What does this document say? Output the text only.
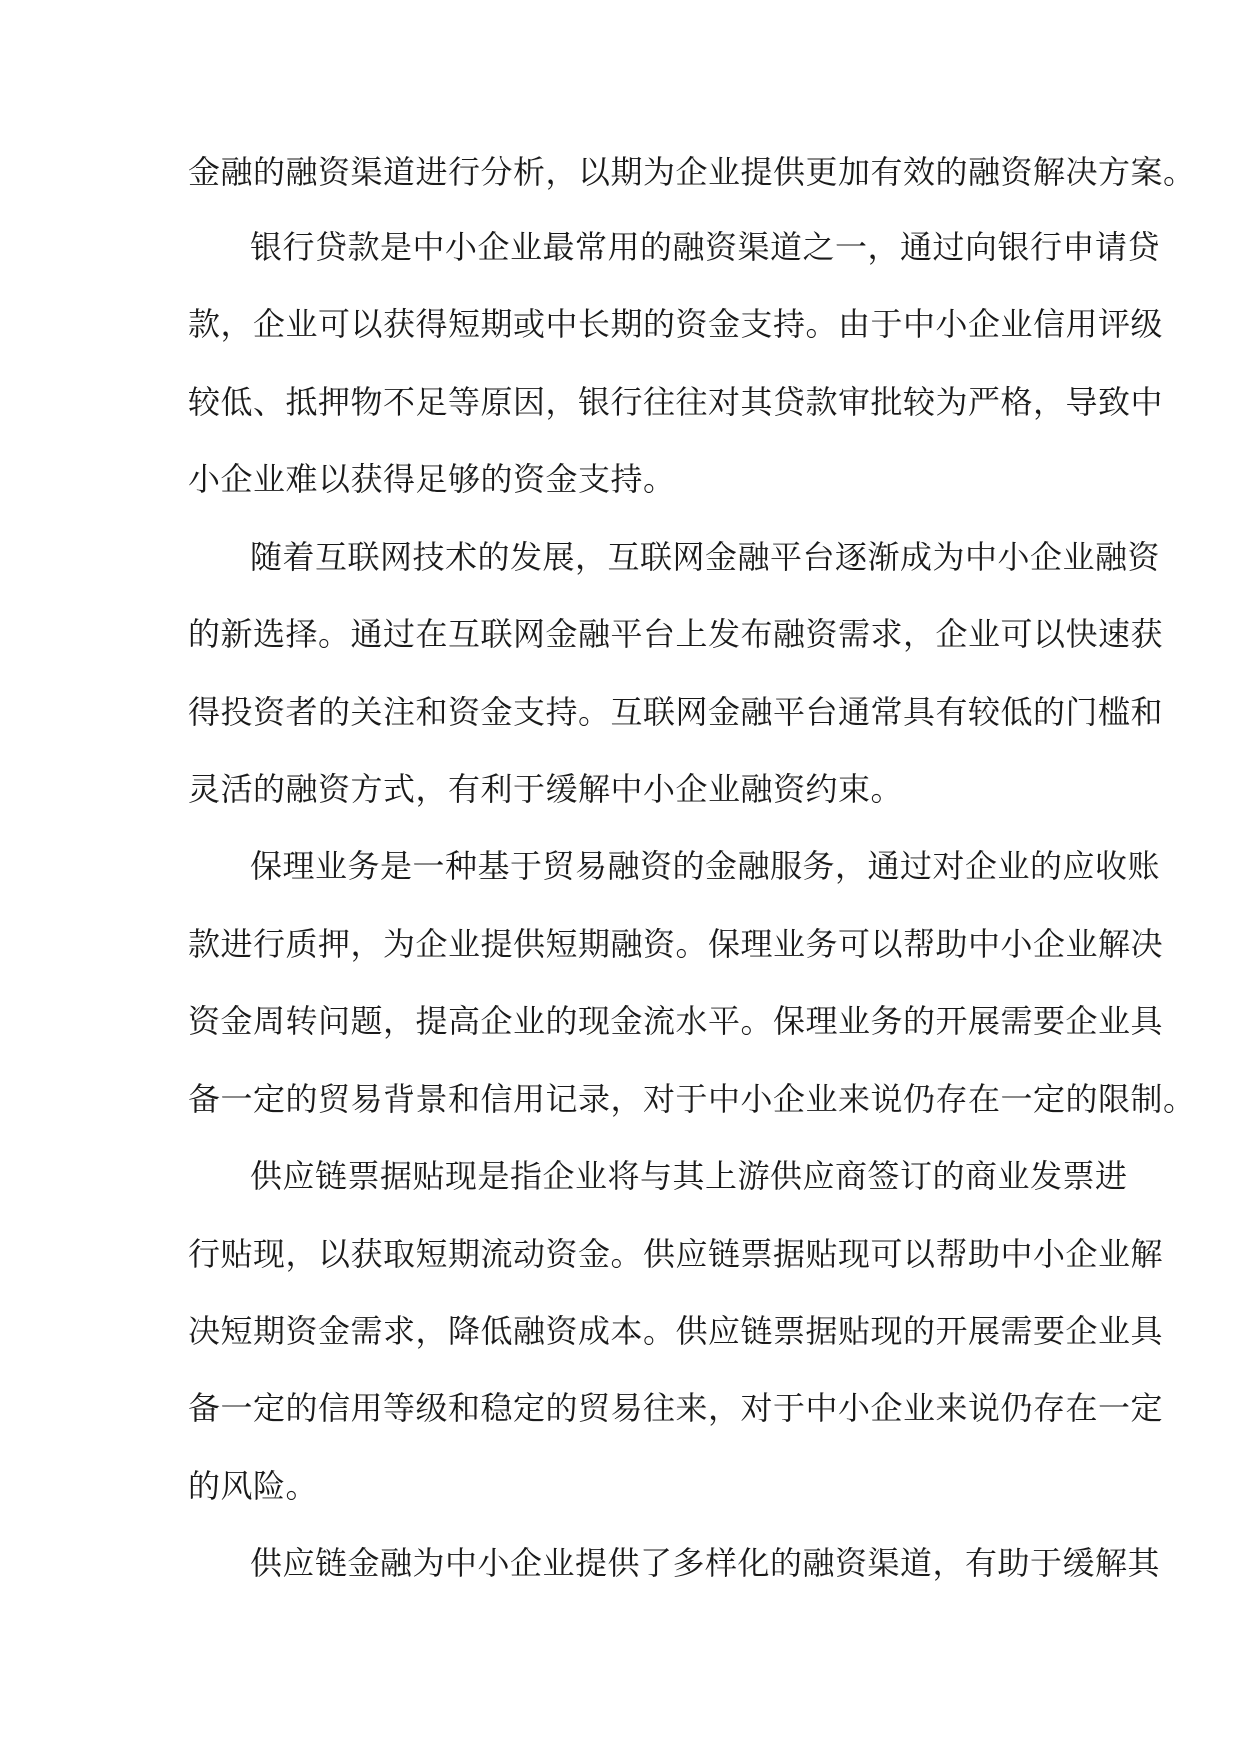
金融的融资渠道进行分析，以期为企业提供更加有效的融资解决方案。
银行贷款是中小企业最常用的融资渠道之一，通过向银行申请贷
款，企业可以获得短期或中长期的资金支持。由于中小企业信用评级
较低、抵押物不足等原因，银行往往对其贷款审批较为严格，导致中
小企业难以获得足够的资金支持。
随着互联网技术的发展，互联网金融平台逐渐成为中小企业融资
的新选择。通过在互联网金融平台上发布融资需求，企业可以快速获
得投资者的关注和资金支持。互联网金融平台通常具有较低的门槛和
灵活的融资方式，有利于缓解中小企业融资约束。
保理业务是一种基于贸易融资的金融服务，通过对企业的应收账
款进行质押，为企业提供短期融资。保理业务可以帮助中小企业解决
资金周转问题，提高企业的现金流水平。保理业务的开展需要企业具
备一定的贸易背景和信用记录，对于中小企业来说仍存在一定的限制。
供应链票据贴现是指企业将与其上游供应商签订的商业发票进
行贴现，以获取短期流动资金。供应链票据贴现可以帮助中小企业解
决短期资金需求，降低融资成本。供应链票据贴现的开展需要企业具
备一定的信用等级和稳定的贸易往来，对于中小企业来说仍存在一定
的风险。
供应链金融为中小企业提供了多样化的融资渠道，有助于缓解其
